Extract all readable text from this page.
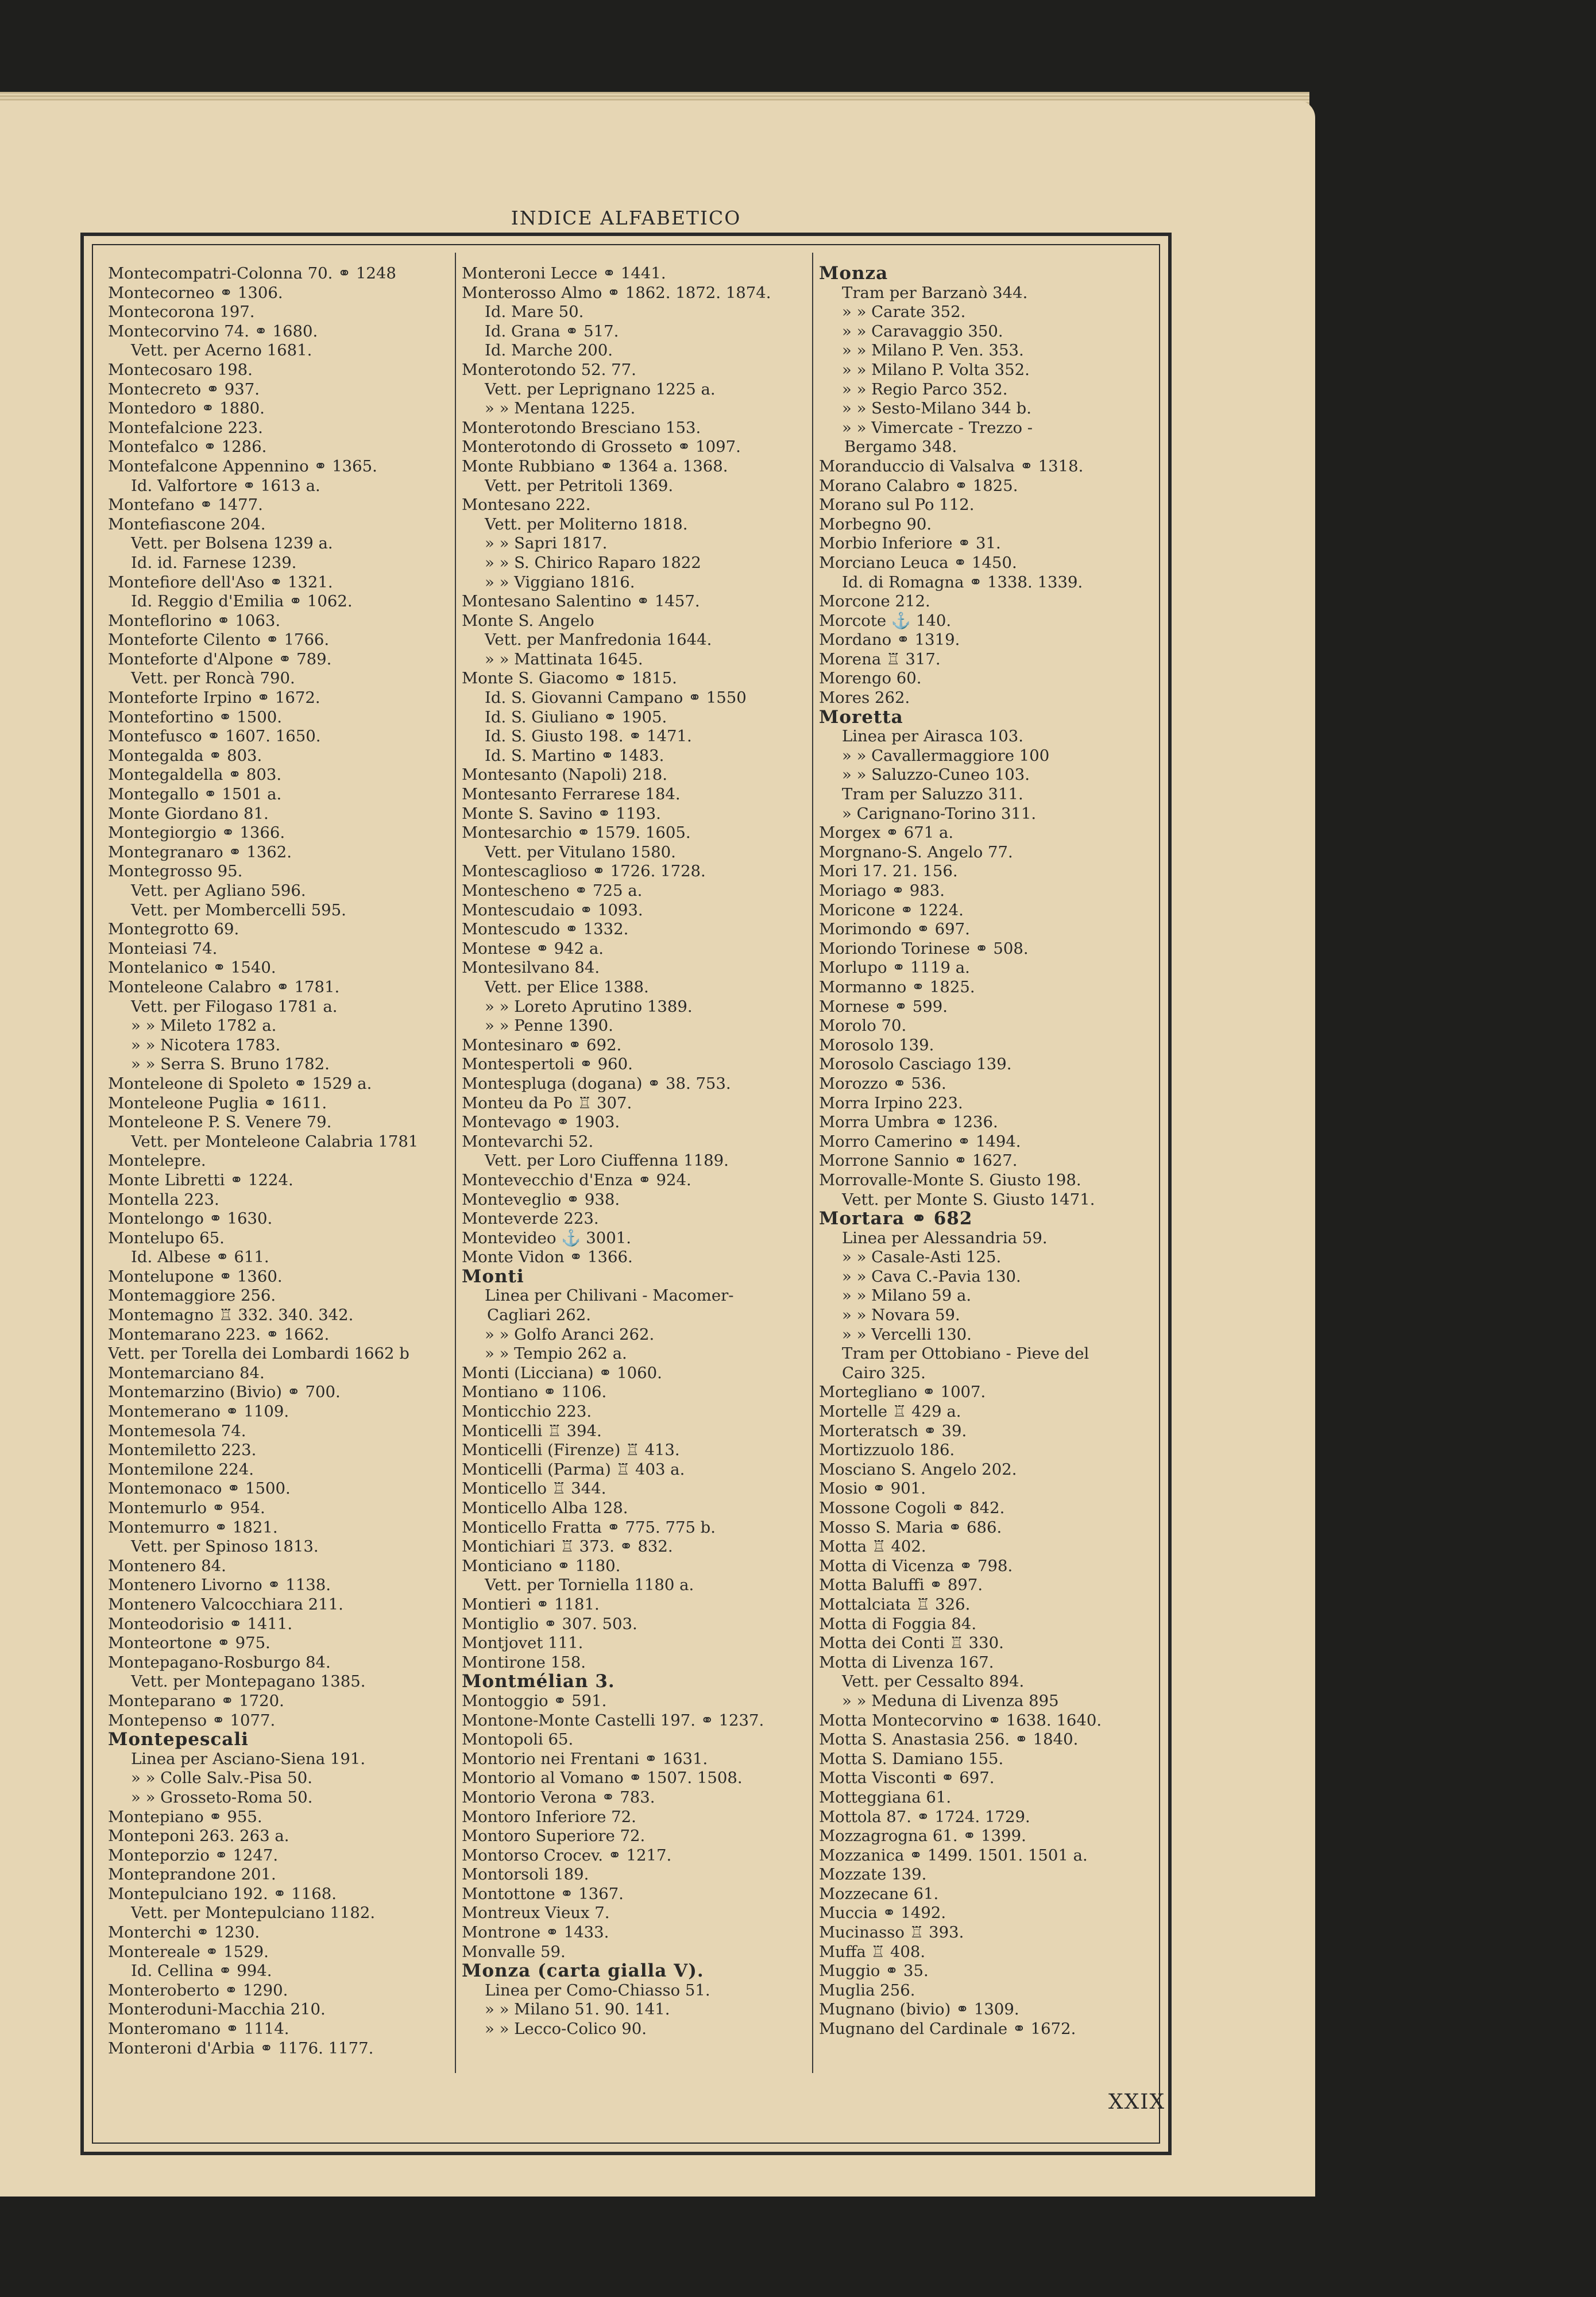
INDICE ALFABETICO
Montecompatri-Colonna 70. ⚭ 1248
Montecorneo ⚭ 1306.
Montecorona 197.
Montecorvino 74. ⚭ 1680.
Vett. per Acerno 1681.
Montecosaro 198.
Montecreto ⚭ 937.
Montedoro ⚭ 1880.
Montefalcione 223.
Montefalco ⚭ 1286.
Montefalcone Appennino ⚭ 1365.
Id. Valfortore ⚭ 1613 a.
Montefano ⚭ 1477.
Montefiascone 204.
Vett. per Bolsena 1239 a.
Id. id. Farnese 1239.
Montefiore dell'Aso ⚭ 1321.
Id. Reggio d'Emilia ⚭ 1062.
Monteflorino ⚭ 1063.
Monteforte Cilento ⚭ 1766.
Monteforte d'Alpone ⚭ 789.
Vett. per Roncà 790.
Monteforte Irpino ⚭ 1672.
Montefortino ⚭ 1500.
Montefusco ⚭ 1607. 1650.
Montegalda ⚭ 803.
Montegaldella ⚭ 803.
Montegallo ⚭ 1501 a.
Monte Giordano 81.
Montegiorgio ⚭ 1366.
Montegranaro ⚭ 1362.
Montegrosso 95.
Vett. per Agliano 596.
Vett. per Mombercelli 595.
Montegrotto 69.
Monteiasi 74.
Montelanico ⚭ 1540.
Monteleone Calabro ⚭ 1781.
Vett. per Filogaso 1781 a.
» » Mileto 1782 a.
» » Nicotera 1783.
» » Serra S. Bruno 1782.
Monteleone di Spoleto ⚭ 1529 a.
Monteleone Puglia ⚭ 1611.
Monteleone P. S. Venere 79.
Vett. per Monteleone Calabria 1781
Montelepre.
Monte Libretti ⚭ 1224.
Montella 223.
Montelongo ⚭ 1630.
Montelupo 65.
Id. Albese ⚭ 611.
Montelupone ⚭ 1360.
Montemaggiore 256.
Montemagno ♖ 332. 340. 342.
Montemarano 223. ⚭ 1662.
Vett. per Torella dei Lombardi 1662 b
Montemarciano 84.
Montemarzino (Bivio) ⚭ 700.
Montemerano ⚭ 1109.
Montemesola 74.
Montemiletto 223.
Montemilone 224.
Montemonaco ⚭ 1500.
Montemurlo ⚭ 954.
Montemurro ⚭ 1821.
Vett. per Spinoso 1813.
Montenero 84.
Montenero Livorno ⚭ 1138.
Montenero Valcocchiara 211.
Monteodorisio ⚭ 1411.
Monteortone ⚭ 975.
Montepagano-Rosburgo 84.
Vett. per Montepagano 1385.
Monteparano ⚭ 1720.
Montepenso ⚭ 1077.
Montepescali
Linea per Asciano-Siena 191.
» » Colle Salv.-Pisa 50.
» » Grosseto-Roma 50.
Montepiano ⚭ 955.
Monteponi 263. 263 a.
Monteporzio ⚭ 1247.
Monteprandone 201.
Montepulciano 192. ⚭ 1168.
Vett. per Montepulciano 1182.
Monterchi ⚭ 1230.
Montereale ⚭ 1529.
Id. Cellina ⚭ 994.
Monteroberto ⚭ 1290.
Monteroduni-Macchia 210.
Monteromano ⚭ 1114.
Monteroni d'Arbia ⚭ 1176. 1177.
Monteroni Lecce ⚭ 1441.
Monterosso Almo ⚭ 1862. 1872. 1874.
Id. Mare 50.
Id. Grana ⚭ 517.
Id. Marche 200.
Monterotondo 52. 77.
Vett. per Leprignano 1225 a.
» » Mentana 1225.
Monterotondo Bresciano 153.
Monterotondo di Grosseto ⚭ 1097.
Monte Rubbiano ⚭ 1364 a. 1368.
Vett. per Petritoli 1369.
Montesano 222.
Vett. per Moliterno 1818.
» » Sapri 1817.
» » S. Chirico Raparo 1822
» » Viggiano 1816.
Montesano Salentino ⚭ 1457.
Monte S. Angelo
Vett. per Manfredonia 1644.
» » Mattinata 1645.
Monte S. Giacomo ⚭ 1815.
Id. S. Giovanni Campano ⚭ 1550
Id. S. Giuliano ⚭ 1905.
Id. S. Giusto 198. ⚭ 1471.
Id. S. Martino ⚭ 1483.
Montesanto (Napoli) 218.
Montesanto Ferrarese 184.
Monte S. Savino ⚭ 1193.
Montesarchio ⚭ 1579. 1605.
Vett. per Vitulano 1580.
Montescaglioso ⚭ 1726. 1728.
Montescheno ⚭ 725 a.
Montescudaio ⚭ 1093.
Montescudo ⚭ 1332.
Montese ⚭ 942 a.
Montesilvano 84.
Vett. per Elice 1388.
» » Loreto Aprutino 1389.
» » Penne 1390.
Montesinaro ⚭ 692.
Montespertoli ⚭ 960.
Montespluga (dogana) ⚭ 38. 753.
Monteu da Po ♖ 307.
Montevago ⚭ 1903.
Montevarchi 52.
Vett. per Loro Ciuffenna 1189.
Montevecchio d'Enza ⚭ 924.
Monteveglio ⚭ 938.
Monteverde 223.
Montevideo ⚓ 3001.
Monte Vidon ⚭ 1366.
Monti
Linea per Chilivani - Macomer-
Cagliari 262.
» » Golfo Aranci 262.
» » Tempio 262 a.
Monti (Licciana) ⚭ 1060.
Montiano ⚭ 1106.
Monticchio 223.
Monticelli ♖ 394.
Monticelli (Firenze) ♖ 413.
Monticelli (Parma) ♖ 403 a.
Monticello ♖ 344.
Monticello Alba 128.
Monticello Fratta ⚭ 775. 775 b.
Montichiari ♖ 373. ⚭ 832.
Monticiano ⚭ 1180.
Vett. per Torniella 1180 a.
Montieri ⚭ 1181.
Montiglio ⚭ 307. 503.
Montjovet 111.
Montirone 158.
Montmélian 3.
Montoggio ⚭ 591.
Montone-Monte Castelli 197. ⚭ 1237.
Montopoli 65.
Montorio nei Frentani ⚭ 1631.
Montorio al Vomano ⚭ 1507. 1508.
Montorio Verona ⚭ 783.
Montoro Inferiore 72.
Montoro Superiore 72.
Montorso Crocev. ⚭ 1217.
Montorsoli 189.
Montottone ⚭ 1367.
Montreux Vieux 7.
Montrone ⚭ 1433.
Monvalle 59.
Monza (carta gialla V).
Linea per Como-Chiasso 51.
» » Milano 51. 90. 141.
» » Lecco-Colico 90.
Monza
Tram per Barzanò 344.
» » Carate 352.
» » Caravaggio 350.
» » Milano P. Ven. 353.
» » Milano P. Volta 352.
» » Regio Parco 352.
» » Sesto-Milano 344 b.
» » Vimercate - Trezzo -
Bergamo 348.
Moranduccio di Valsalva ⚭ 1318.
Morano Calabro ⚭ 1825.
Morano sul Po 112.
Morbegno 90.
Morbio Inferiore ⚭ 31.
Morciano Leuca ⚭ 1450.
Id. di Romagna ⚭ 1338. 1339.
Morcone 212.
Morcote ⚓ 140.
Mordano ⚭ 1319.
Morena ♖ 317.
Morengo 60.
Mores 262.
Moretta
Linea per Airasca 103.
» » Cavallermaggiore 100
» » Saluzzo-Cuneo 103.
Tram per Saluzzo 311.
» Carignano-Torino 311.
Morgex ⚭ 671 a.
Morgnano-S. Angelo 77.
Mori 17. 21. 156.
Moriago ⚭ 983.
Moricone ⚭ 1224.
Morimondo ⚭ 697.
Moriondo Torinese ⚭ 508.
Morlupo ⚭ 1119 a.
Mormanno ⚭ 1825.
Mornese ⚭ 599.
Morolo 70.
Morosolo 139.
Morosolo Casciago 139.
Morozzo ⚭ 536.
Morra Irpino 223.
Morra Umbra ⚭ 1236.
Morro Camerino ⚭ 1494.
Morrone Sannio ⚭ 1627.
Morrovalle-Monte S. Giusto 198.
Vett. per Monte S. Giusto 1471.
Mortara ⚭ 682
Linea per Alessandria 59.
» » Casale-Asti 125.
» » Cava C.-Pavia 130.
» » Milano 59 a.
» » Novara 59.
» » Vercelli 130.
Tram per Ottobiano - Pieve del
Cairo 325.
Mortegliano ⚭ 1007.
Mortelle ♖ 429 a.
Morteratsch ⚭ 39.
Mortizzuolo 186.
Mosciano S. Angelo 202.
Mosio ⚭ 901.
Mossone Cogoli ⚭ 842.
Mosso S. Maria ⚭ 686.
Motta ♖ 402.
Motta di Vicenza ⚭ 798.
Motta Baluffi ⚭ 897.
Mottalciata ♖ 326.
Motta di Foggia 84.
Motta dei Conti ♖ 330.
Motta di Livenza 167.
Vett. per Cessalto 894.
» » Meduna di Livenza 895
Motta Montecorvino ⚭ 1638. 1640.
Motta S. Anastasia 256. ⚭ 1840.
Motta S. Damiano 155.
Motta Visconti ⚭ 697.
Motteggiana 61.
Mottola 87. ⚭ 1724. 1729.
Mozzagrogna 61. ⚭ 1399.
Mozzanica ⚭ 1499. 1501. 1501 a.
Mozzate 139.
Mozzecane 61.
Muccia ⚭ 1492.
Mucinasso ♖ 393.
Muffa ♖ 408.
Muggio ⚭ 35.
Muglia 256.
Mugnano (bivio) ⚭ 1309.
Mugnano del Cardinale ⚭ 1672.
XXIX
